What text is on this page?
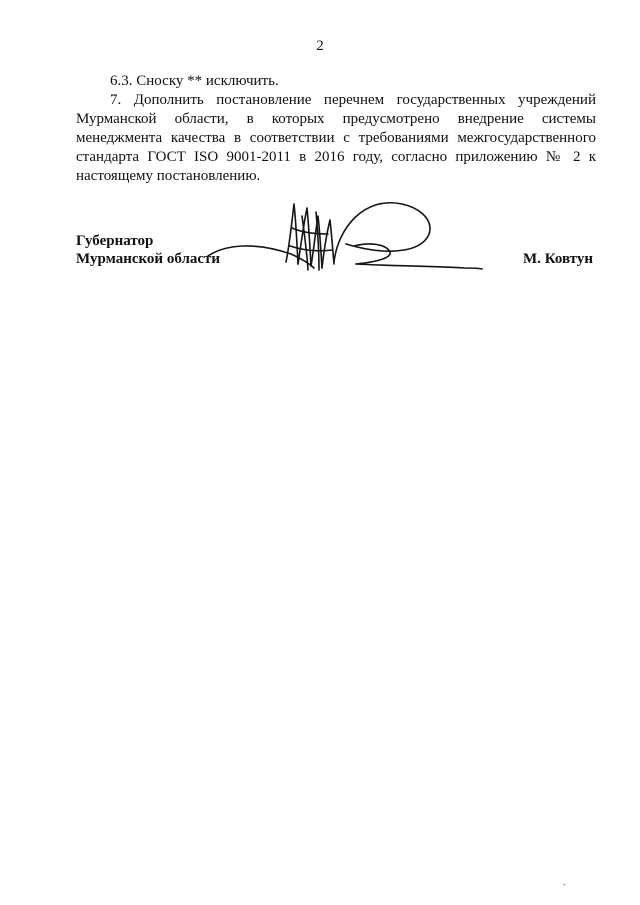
2

6.3. Сноску ** исключить.

7. Дополнить постановление перечнем государственных учреждений Мурманской области, в которых предусмотрено внедрение системы менеджмента качества в соответствии с требованиями межгосударственного стандарта ГОСТ ISO 9001-2011 в 2016 году, согласно приложению № 2 к настоящему постановлению.

Губернатор
Мурманской области	М. Ковтун
-
